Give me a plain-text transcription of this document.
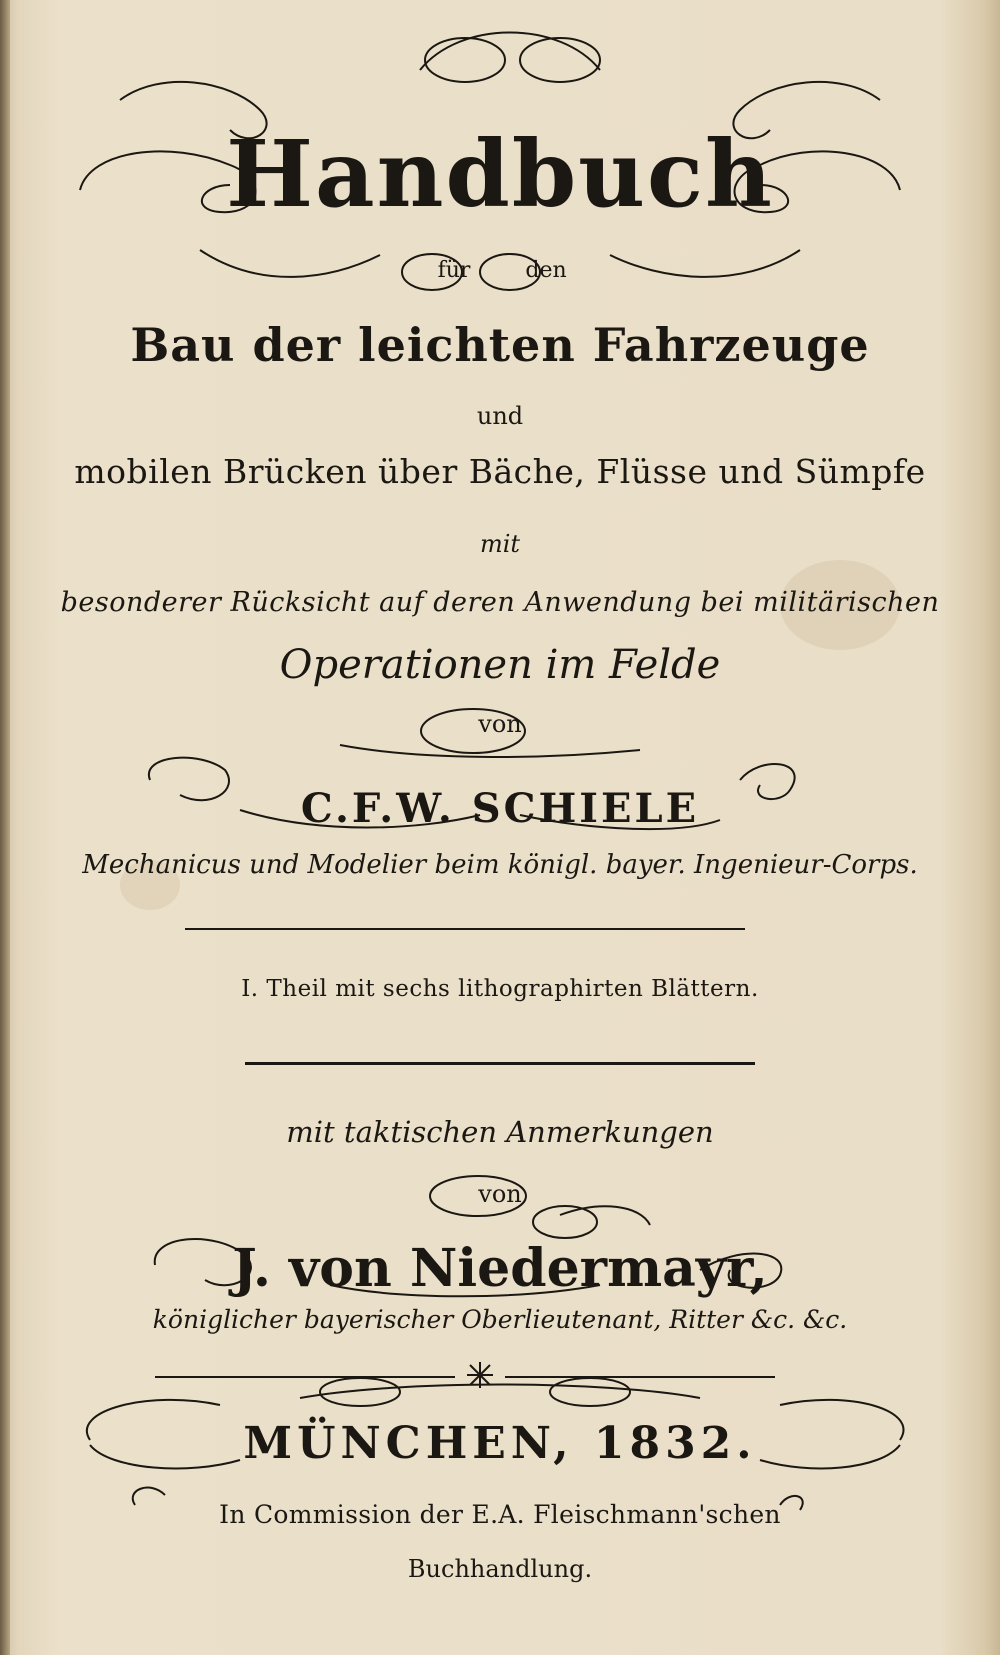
Handbuch
für den
Bau der leichten Fahrzeuge
und
mobilen Brücken über Bäche, Flüsse und Sümpfe
mit
besonderer Rücksicht auf deren Anwendung bei militärischen
Operationen im Felde
von
C.F.W. SCHIELE
Mechanicus und Modelier beim königl. bayer. Ingenieur-Corps.
I. Theil mit sechs lithographirten Blättern.
mit taktischen Anmerkungen
von
J. von Niedermayr,
königlicher bayerischer Oberlieutenant, Ritter &c. &c.
MÜNCHEN, 1832.
In Commission der E.A. Fleischmann'schen
Buchhandlung.
